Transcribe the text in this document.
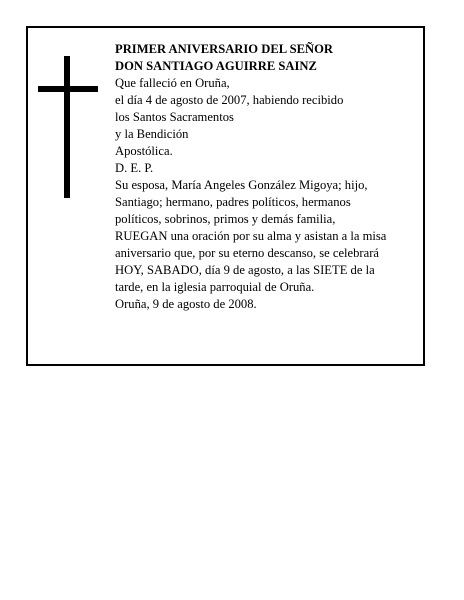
PRIMER ANIVERSARIO DEL SEÑOR

DON SANTIAGO AGUIRRE SAINZ

Que falleció en Oruña,

el día 4 de agosto de 2007, habiendo recibido

los Santos Sacramentos

y la Bendición

Apostólica.

D. E. P.

Su esposa, María Angeles González Migoya; hijo,

Santiago; hermano, padres políticos, hermanos

políticos, sobrinos, primos y demás familia,

RUEGAN una oración por su alma y asistan a la misa

aniversario que, por su eterno descanso, se celebrará

HOY, SABADO, día 9 de agosto, a las SIETE de la

tarde, en la iglesia parroquial de Oruña.

Oruña, 9 de agosto de 2008.
